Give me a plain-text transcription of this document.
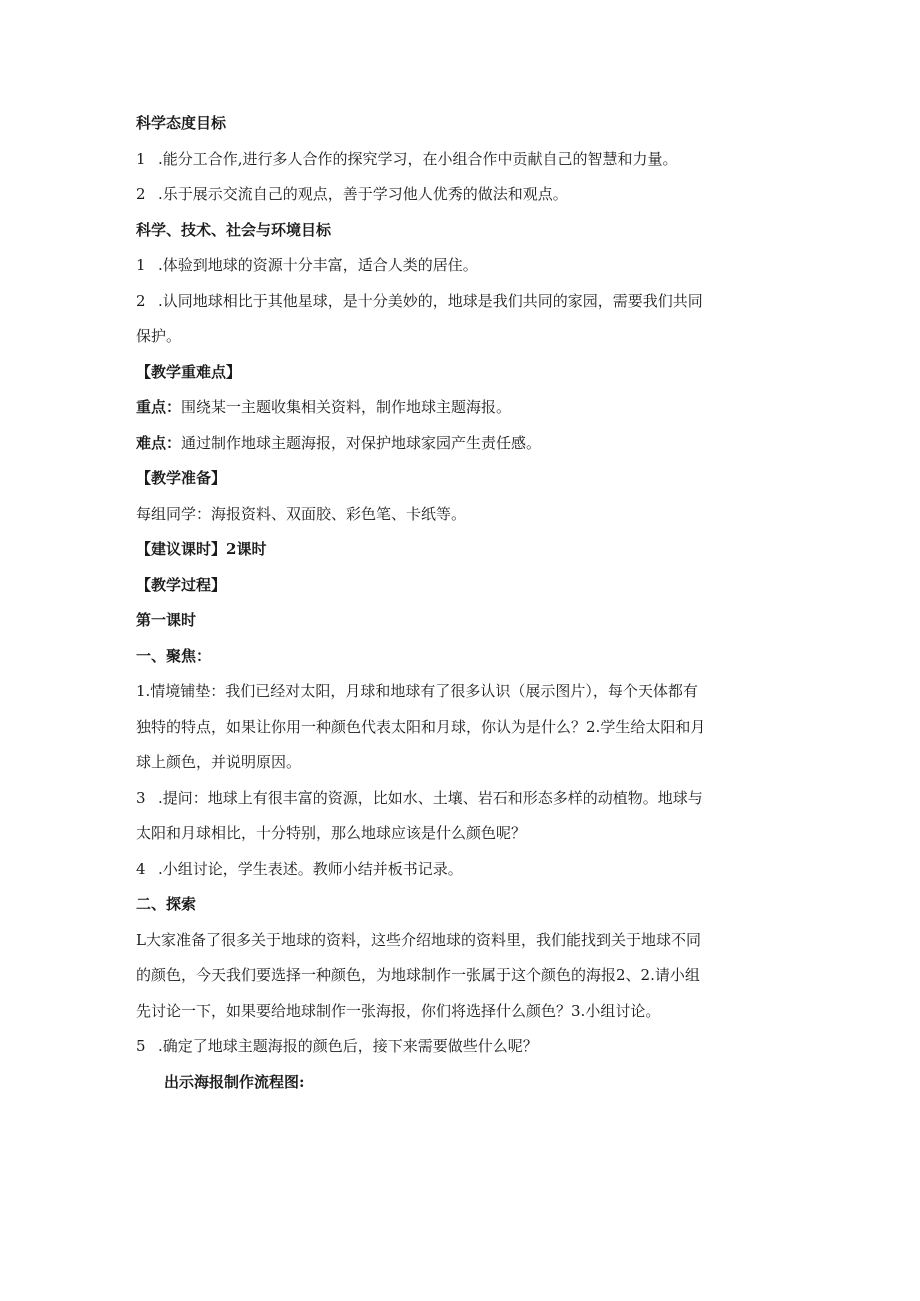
科学态度目标
1 .能分工合作,进行多人合作的探究学习，在小组合作中贡献自己的智慧和力量。
2 .乐于展示交流自己的观点，善于学习他人优秀的做法和观点。
科学、技术、社会与环境目标
1 .体验到地球的资源十分丰富，适合人类的居住。
2 .认同地球相比于其他星球，是十分美妙的，地球是我们共同的家园，需要我们共同
保护。
【教学重难点】
重点：围绕某一主题收集相关资料，制作地球主题海报。
难点：通过制作地球主题海报，对保护地球家园产生责任感。
【教学准备】
每组同学：海报资料、双面胶、彩色笔、卡纸等。
【建议课时】2课时
【教学过程】
第一课时
一、聚焦：
1.情境铺垫：我们已经对太阳，月球和地球有了很多认识（展示图片），每个天体都有
独特的特点，如果让你用一种颜色代表太阳和月球，你认为是什么？2.学生给太阳和月
球上颜色，并说明原因。
3 .提问：地球上有很丰富的资源，比如水、土壤、岩石和形态多样的动植物。地球与
太阳和月球相比，十分特别，那么地球应该是什么颜色呢？
4 .小组讨论，学生表述。教师小结并板书记录。
二、探索
L大家准备了很多关于地球的资料，这些介绍地球的资料里，我们能找到关于地球不同
的颜色，今天我们要选择一种颜色，为地球制作一张属于这个颜色的海报2、2.请小组
先讨论一下，如果要给地球制作一张海报，你们将选择什么颜色？3.小组讨论。
5 .确定了地球主题海报的颜色后，接下来需要做些什么呢？
出示海报制作流程图:
